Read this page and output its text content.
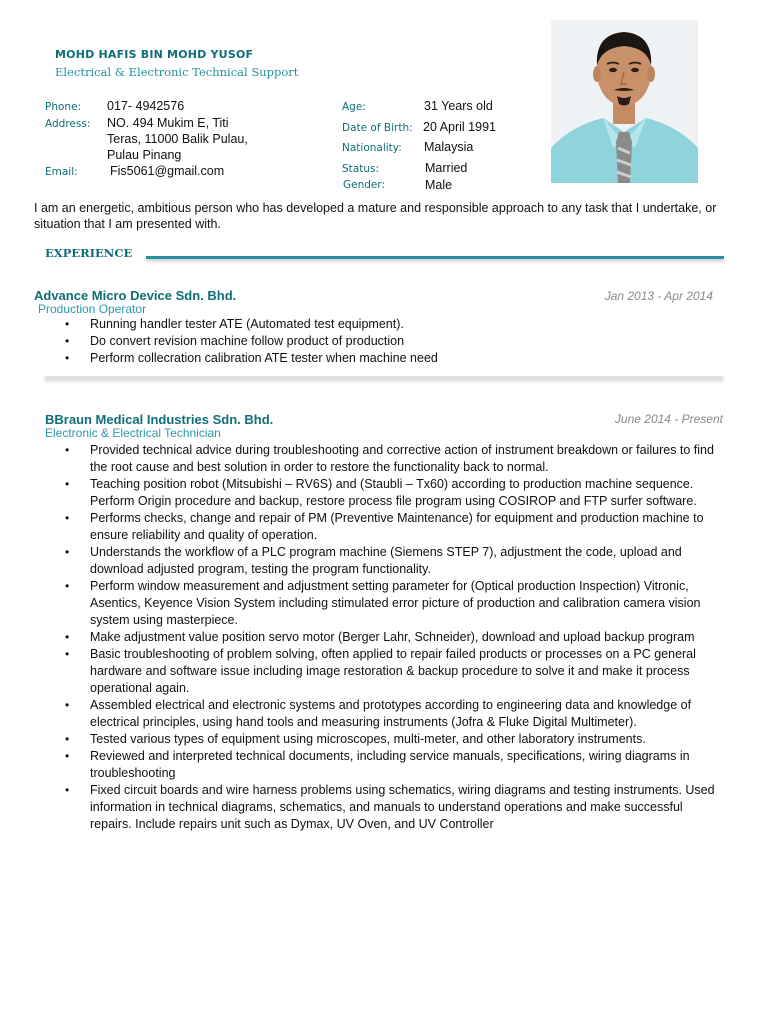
MOHD HAFIS BIN MOHD YUSOF
Electrical & Electronic Technical Support
Phone: 017- 4942576
Address: NO. 494 Mukim E, Titi
Teras, 11000 Balik Pulau,
Pulau Pinang
Email:	Fis5061@gmail.com
Age:	31 Years old
Date of Birth: 20 April 1991
Nationality: Malaysia
Status:	Married
Gender:	Male
I am an energetic, ambitious person who has developed a mature and responsible approach to any task that I undertake, or situation that I am presented with.
EXPERIENCE
Advance Micro Device Sdn. Bhd.
Production Operator
Jan 2013 - Apr 2014
• Running handler tester ATE (Automated test equipment).
• Do convert revision machine follow product of production
• Perform collecration calibration ATE tester when machine need
BBraun Medical Industries Sdn. Bhd.
Electronic & Electrical Technician
June 2014 - Present
• Provided technical advice during troubleshooting and corrective action of instrument breakdown or failures to find the root cause and best solution in order to restore the functionality back to normal.
• Teaching position robot (Mitsubishi – RV6S) and (Staubli – Tx60) according to production machine sequence. Perform Origin procedure and backup, restore process file program using COSIROP and FTP surfer software.
• Performs checks, change and repair of PM (Preventive Maintenance) for equipment and production machine to ensure reliability and quality of operation.
• Understands the workflow of a PLC program machine (Siemens STEP 7), adjustment the code, upload and download adjusted program, testing the program functionality.
• Perform window measurement and adjustment setting parameter for (Optical production Inspection) Vitronic, Asentics, Keyence Vision System including stimulated error picture of production and calibration camera vision system using masterpiece.
• Make adjustment value position servo motor (Berger Lahr, Schneider), download and upload backup program
• Basic troubleshooting of problem solving, often applied to repair failed products or processes on a PC general hardware and software issue including image restoration & backup procedure to solve it and make it process operational again.
• Assembled electrical and electronic systems and prototypes according to engineering data and knowledge of electrical principles, using hand tools and measuring instruments (Jofra & Fluke Digital Multimeter).
• Tested various types of equipment using microscopes, multi-meter, and other laboratory instruments.
• Reviewed and interpreted technical documents, including service manuals, specifications, wiring diagrams in troubleshooting
• Fixed circuit boards and wire harness problems using schematics, wiring diagrams and testing instruments. Used information in technical diagrams, schematics, and manuals to understand operations and make successful repairs. Include repairs unit such as Dymax, UV Oven, and UV Controller
